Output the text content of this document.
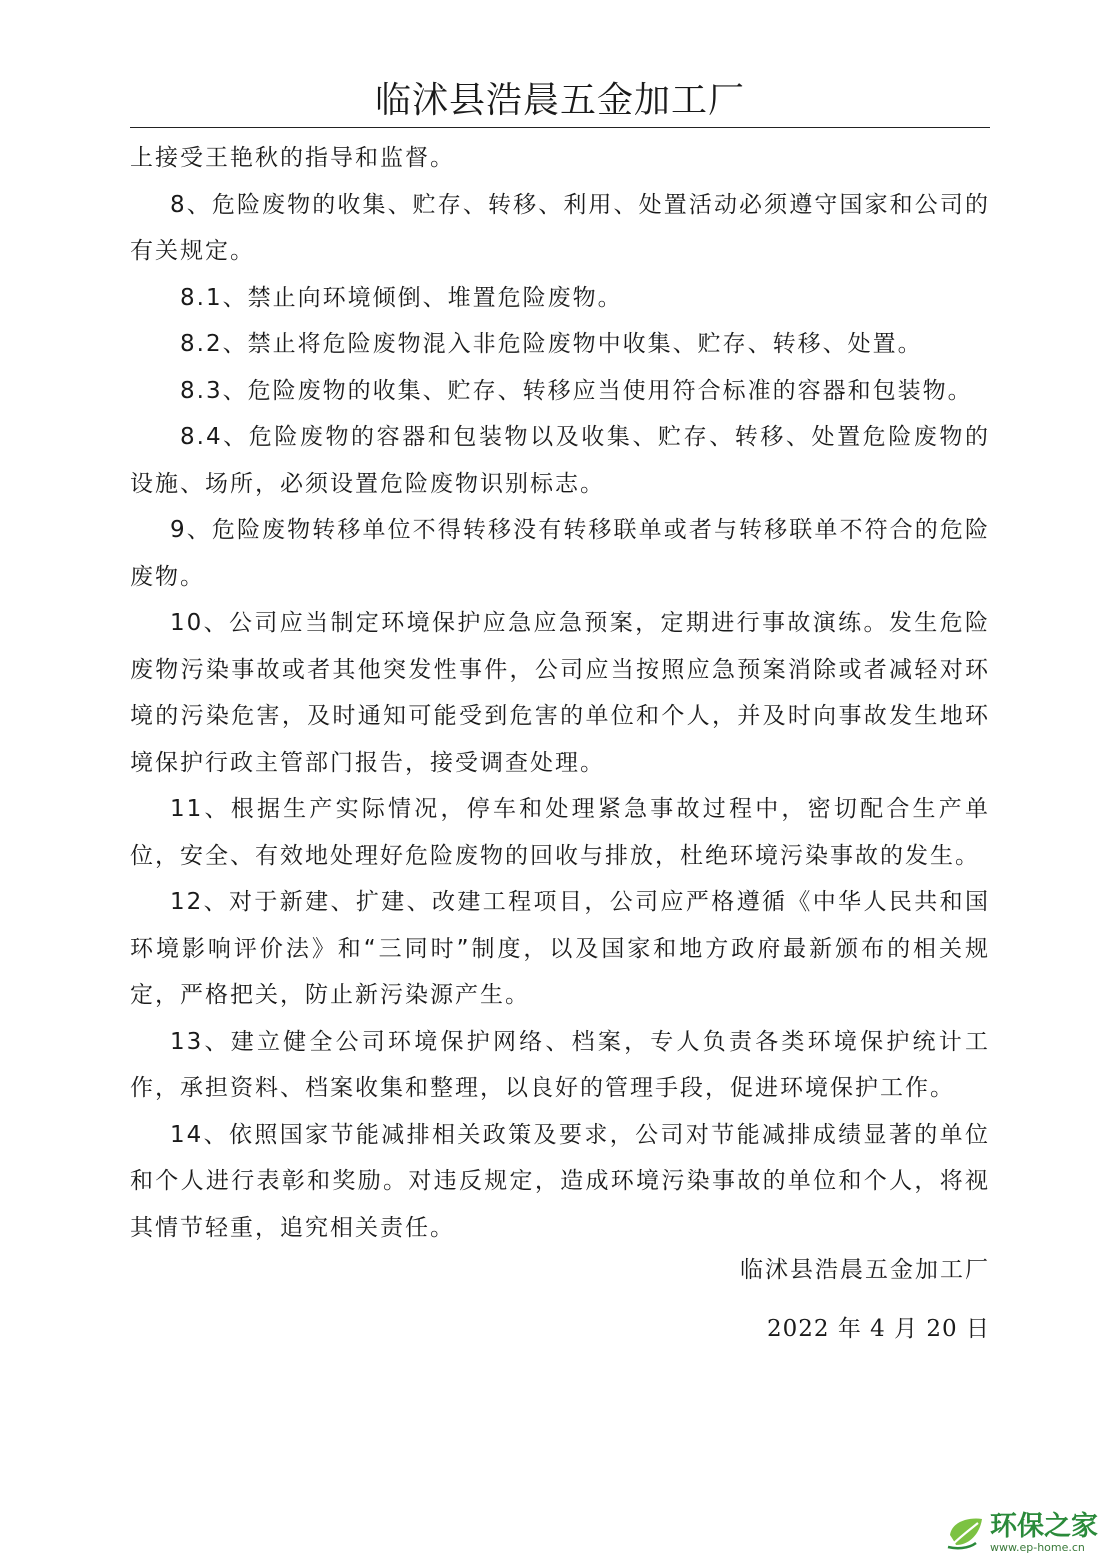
临沭县浩晨五金加工厂

上接受王艳秋的指导和监督。

8、危险废物的收集、贮存、转移、利用、处置活动必须遵守国家和公司的有关规定。

8.1、禁止向环境倾倒、堆置危险废物。

8.2、禁止将危险废物混入非危险废物中收集、贮存、转移、处置。

8.3、危险废物的收集、贮存、转移应当使用符合标准的容器和包装物。

8.4、危险废物的容器和包装物以及收集、贮存、转移、处置危险废物的设施、场所，必须设置危险废物识别标志。

9、危险废物转移单位不得转移没有转移联单或者与转移联单不符合的危险废物。

10、公司应当制定环境保护应急应急预案，定期进行事故演练。发生危险废物污染事故或者其他突发性事件，公司应当按照应急预案消除或者减轻对环境的污染危害，及时通知可能受到危害的单位和个人，并及时向事故发生地环境保护行政主管部门报告，接受调查处理。

11、根据生产实际情况，停车和处理紧急事故过程中，密切配合生产单位，安全、有效地处理好危险废物的回收与排放，杜绝环境污染事故的发生。

12、对于新建、扩建、改建工程项目，公司应严格遵循《中华人民共和国环境影响评价法》和“三同时”制度，以及国家和地方政府最新颁布的相关规定，严格把关，防止新污染源产生。

13、建立健全公司环境保护网络、档案，专人负责各类环境保护统计工作，承担资料、档案收集和整理，以良好的管理手段，促进环境保护工作。

14、依照国家节能减排相关政策及要求，公司对节能减排成绩显著的单位和个人进行表彰和奖励。对违反规定，造成环境污染事故的单位和个人，将视其情节轻重，追究相关责任。

临沭县浩晨五金加工厂
2022 年 4 月 20 日
环保之家
www.ep-home.cn
